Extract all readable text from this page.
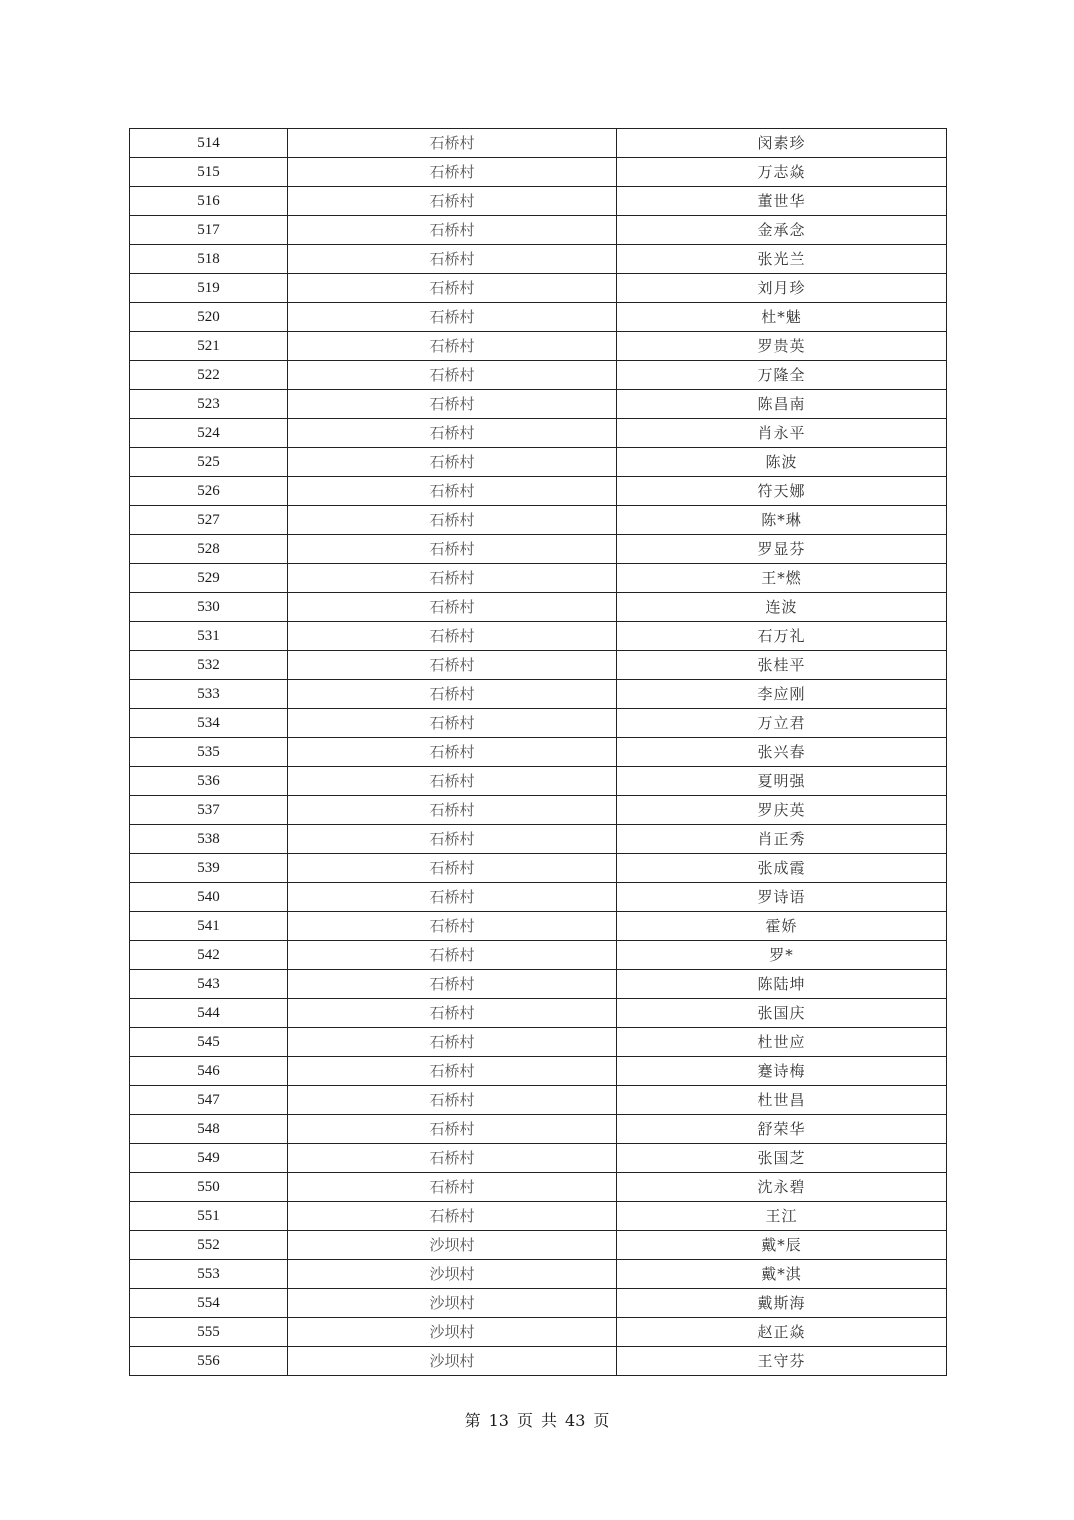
514	石桥村	闵素珍
515	石桥村	万志焱
516	石桥村	董世华
517	石桥村	金承念
518	石桥村	张光兰
519	石桥村	刘月珍
520	石桥村	杜*魅
521	石桥村	罗贵英
522	石桥村	万隆全
523	石桥村	陈昌南
524	石桥村	肖永平
525	石桥村	陈波
526	石桥村	符天娜
527	石桥村	陈*琳
528	石桥村	罗显芬
529	石桥村	王*燃
530	石桥村	连波
531	石桥村	石万礼
532	石桥村	张桂平
533	石桥村	李应刚
534	石桥村	万立君
535	石桥村	张兴春
536	石桥村	夏明强
537	石桥村	罗庆英
538	石桥村	肖正秀
539	石桥村	张成霞
540	石桥村	罗诗语
541	石桥村	霍娇
542	石桥村	罗*
543	石桥村	陈陆坤
544	石桥村	张国庆
545	石桥村	杜世应
546	石桥村	蹇诗梅
547	石桥村	杜世昌
548	石桥村	舒荣华
549	石桥村	张国芝
550	石桥村	沈永碧
551	石桥村	王江
552	沙坝村	戴*辰
553	沙坝村	戴*淇
554	沙坝村	戴斯海
555	沙坝村	赵正焱
556	沙坝村	王守芬
第 13 页 共 43 页
